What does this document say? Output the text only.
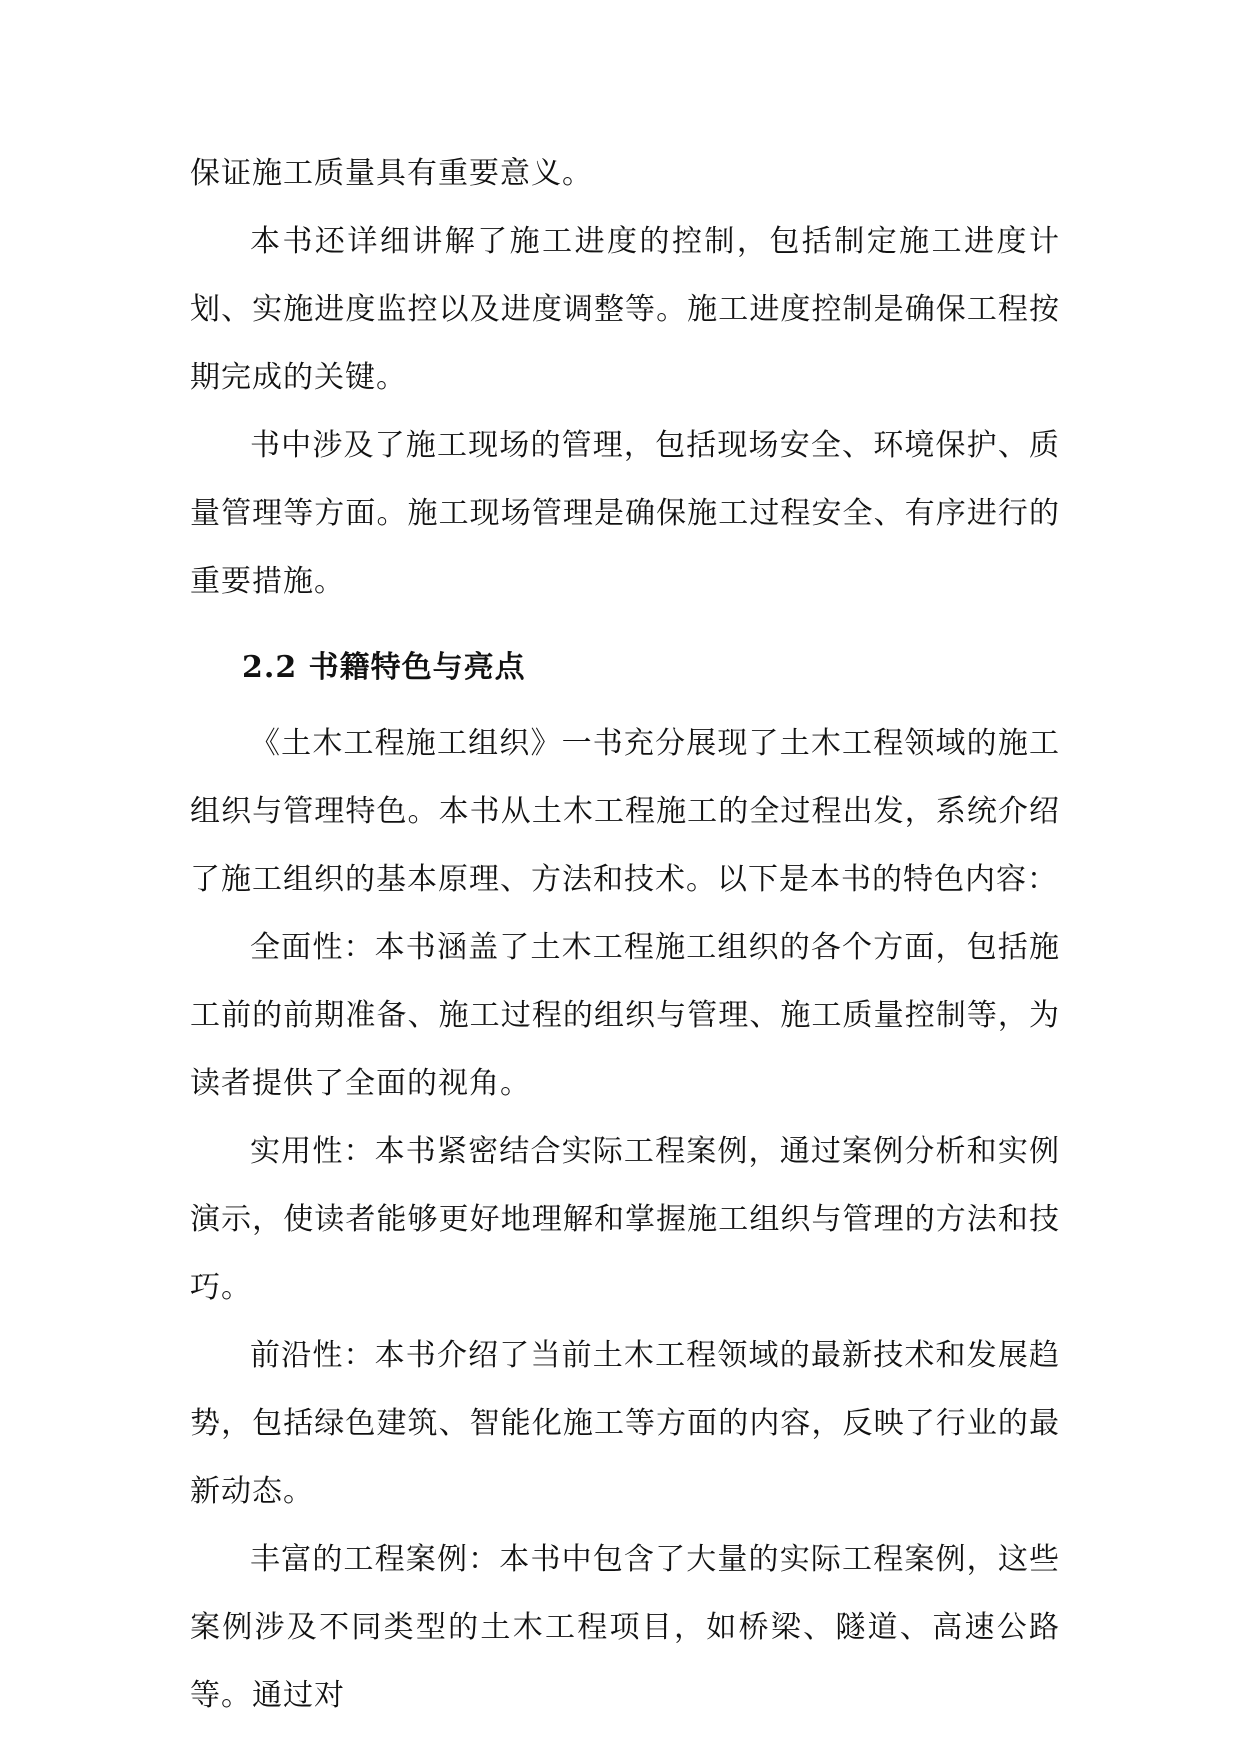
保证施工质量具有重要意义。

本书还详细讲解了施工进度的控制，包括制定施工进度计划、实施进度监控以及进度调整等。施工进度控制是确保工程按期完成的关键。

书中涉及了施工现场的管理，包括现场安全、环境保护、质量管理等方面。施工现场管理是确保施工过程安全、有序进行的重要措施。

2.2 书籍特色与亮点

《土木工程施工组织》一书充分展现了土木工程领域的施工组织与管理特色。本书从土木工程施工的全过程出发，系统介绍了施工组织的基本原理、方法和技术。以下是本书的特色内容：

全面性：本书涵盖了土木工程施工组织的各个方面，包括施工前的前期准备、施工过程的组织与管理、施工质量控制等，为读者提供了全面的视角。

实用性：本书紧密结合实际工程案例，通过案例分析和实例演示，使读者能够更好地理解和掌握施工组织与管理的方法和技巧。

前沿性：本书介绍了当前土木工程领域的最新技术和发展趋势，包括绿色建筑、智能化施工等方面的内容，反映了行业的最新动态。

丰富的工程案例：本书中包含了大量的实际工程案例，这些案例涉及不同类型的土木工程项目，如桥梁、隧道、高速公路等。通过对
